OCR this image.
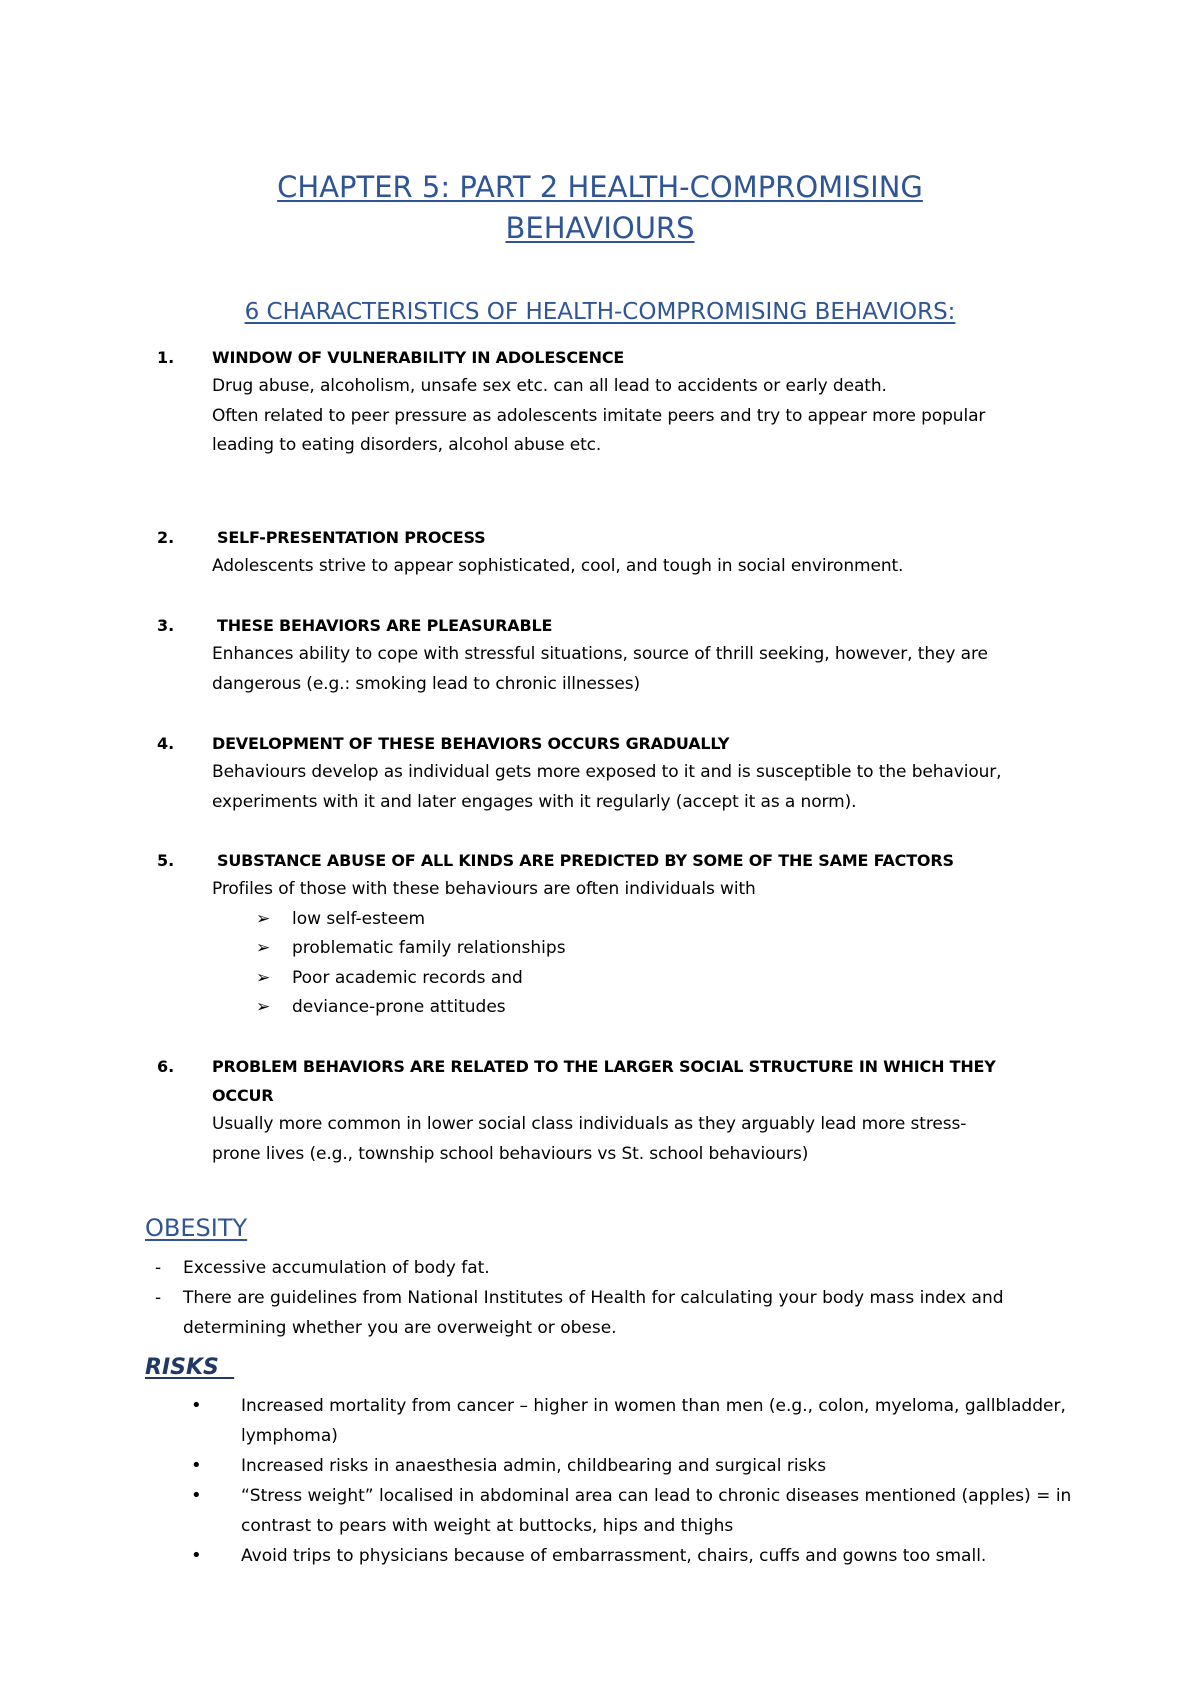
CHAPTER 5: PART 2 HEALTH-COMPROMISING
BEHAVIOURS
6 CHARACTERISTICS OF HEALTH-COMPROMISING BEHAVIORS:
1. WINDOW OF VULNERABILITY IN ADOLESCENCE
Drug abuse, alcoholism, unsafe sex etc. can all lead to accidents or early death.
Often related to peer pressure as adolescents imitate peers and try to appear more popular
leading to eating disorders, alcohol abuse etc.
2.	SELF-PRESENTATION PROCESS
Adolescents strive to appear sophisticated, cool, and tough in social environment.
3.	THESE BEHAVIORS ARE PLEASURABLE
Enhances ability to cope with stressful situations, source of thrill seeking, however, they are
dangerous (e.g.: smoking lead to chronic illnesses)
4. DEVELOPMENT OF THESE BEHAVIORS OCCURS GRADUALLY
Behaviours develop as individual gets more exposed to it and is susceptible to the behaviour,
experiments with it and later engages with it regularly (accept it as a norm).
5.	SUBSTANCE ABUSE OF ALL KINDS ARE PREDICTED BY SOME OF THE SAME FACTORS
Profiles of those with these behaviours are often individuals with
➢ low self-esteem
➢ problematic family relationships
➢ Poor academic records and
➢ deviance-prone attitudes
6. PROBLEM BEHAVIORS ARE RELATED TO THE LARGER SOCIAL STRUCTURE IN WHICH THEY
OCCUR
Usually more common in lower social class individuals as they arguably lead more stress-
prone lives (e.g., township school behaviours vs St. school behaviours)
OBESITY
- Excessive accumulation of body fat.
- There are guidelines from National Institutes of Health for calculating your body mass index and determining whether you are overweight or obese.
RISKS
• Increased mortality from cancer – higher in women than men (e.g., colon, myeloma, gallbladder, lymphoma)
• Increased risks in anaesthesia admin, childbearing and surgical risks
• “Stress weight” localised in abdominal area can lead to chronic diseases mentioned (apples) = in contrast to pears with weight at buttocks, hips and thighs
• Avoid trips to physicians because of embarrassment, chairs, cuffs and gowns too small.
